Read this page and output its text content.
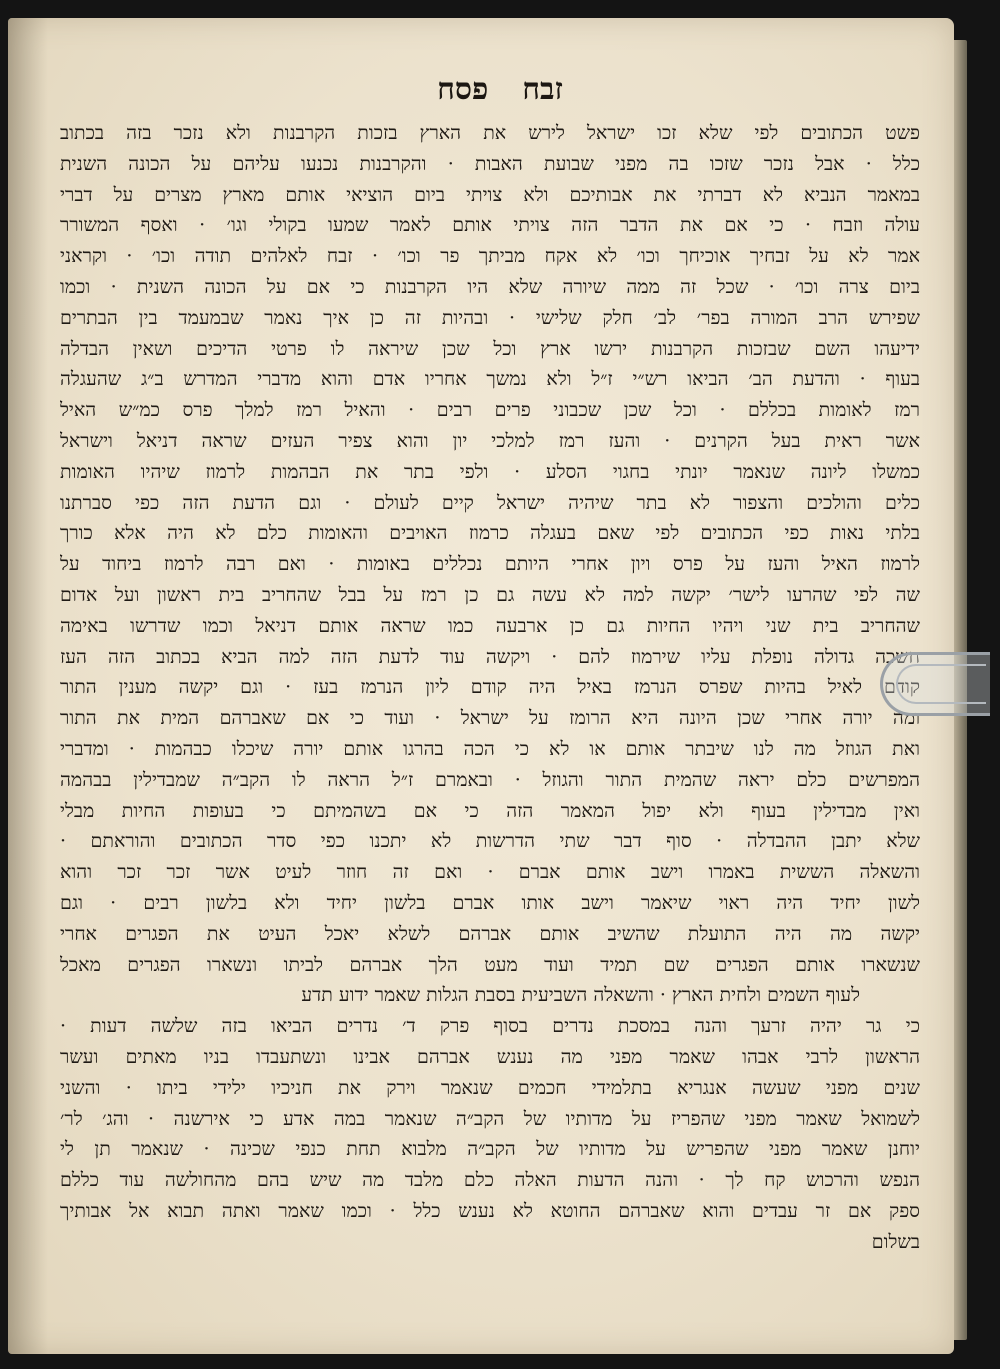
זבח
פסח
פשט הכתובים לפי שלא זכו ישראל לירש את הארץ בזכות הקרבנות ולא נזכר בזה בכתוב
כלל · אבל נזכר שזכו בה מפני שבועת האבות · והקרבנות נכנעו עליהם על הכונה השנית
במאמר הנביא לא דברתי את אבותיכם ולא צויתי ביום הוציאי אותם מארץ מצרים על דברי
עולה וזבח · כי אם את הדבר הזה צויתי אותם לאמר שמעו בקולי וגו׳ · ואסף המשורר
אמר לא על זבחיך אוכיחך וכו׳ לא אקח מביתך פר וכו׳ · זבח לאלהים תודה וכו׳ · וקראני
ביום צרה וכו׳ · שכל זה ממה שיורה שלא היו הקרבנות כי אם על הכונה השנית · וכמו
שפירש הרב המורה בפר׳ לב׳ חלק שלישי · ובהיות זה כן איך נאמר שבמעמד בין הבתרים
ידיעהו השם שבזכות הקרבנות ירשו ארץ וכל שכן שיראה לו פרטי הדיכים ושאין הבדלה
בעוף · והדעת הב׳ הביאו רש״י ז״ל ולא נמשך אחריו אדם והוא מדברי המדרש ב״ג שהעגלה
רמז לאומות בכללם · וכל שכן שכבוני פרים רבים · והאיל רמז למלך פרס כמ״ש האיל
אשר ראית בעל הקרנים · והעז רמז למלכי יון והוא צפיר העזים שראה דניאל וישראל
כמשלו ליונה שנאמר יונתי בחגוי הסלע · ולפי בתר את הבהמות לרמוז שיהיו האומות
כלים והולכים והצפור לא בתר שיהיה ישראל קיים לעולם · וגם הדעת הזה כפי סברתנו
בלתי נאות כפי הכתובים לפי שאם בעגלה כרמוז האויבים והאומות כלם לא היה אלא כורך
לרמוז האיל והעז על פרס ויון אחרי היותם נכללים באומות · ואם רבה לרמוז ביחוד על
שה לפי שהרעו לישר׳ יקשה למה לא עשה גם כן רמז על בבל שהחריב בית ראשון ועל אדום
שהחריב בית שני ויהיו החיות גם כן ארבעה כמו שראה אותם דניאל וכמו שדרשו באימה
חשכה גדולה נופלת עליו שירמוז להם · ויקשה עוד לדעת הזה למה הביא בכתוב הזה העז
קודם לאיל בהיות שפרס הנרמז באיל היה קודם ליון הנרמז בעז · וגם יקשה מענין התור
ומה יורה אחרי שכן היונה היא הרומז על ישראל · ועוד כי אם שאברהם המית את התור
ואת הגוזל מה לנו שיבתר אותם או לא כי הכה בהרגו אותם יורה שיכלו כבהמות · ומדברי
המפרשים כלם יראה שהמית התור והגוזל · ובאמרם ז״ל הראה לו הקב״ה שמבדילין בבהמה
ואין מבדילין בעוף ולא יפול המאמר הזה כי אם בשהמיתם כי בעופות החיות מבלי
שלא יתבן ההבדלה · סוף דבר שתי הדרשות לא יתכנו כפי סדר הכתובים והוראתם ·
והשאלה הששית באמרו וישב אותם אברם · ואם זה חוזר לעיט אשר זכר זכר והוא
לשון יחיד היה ראוי שיאמר וישב אותו אברם בלשון יחיד ולא בלשון רבים · וגם
יקשה מה היה התועלת שהשיב אותם אברהם לשלא יאכל העיט את הפגרים אחרי
שנשארו אותם הפגרים שם תמיד ועוד מעט הלך אברהם לביתו ונשארו הפגרים מאכל
לעוף השמים ולחית הארץ · והשאלה השביעית בסבת הגלות שאמר ידוע תדע
כי גר יהיה זרעך והנה במסכת נדרים בסוף פרק ד׳ נדרים הביאו בזה שלשה דעות ·
הראשון לרבי אבהו שאמר מפני מה נענש אברהם אבינו ונשתעבדו בניו מאתים ועשר
שנים מפני שעשה אנגריא בתלמידי חכמים שנאמר וירק את חניכיו ילידי ביתו · והשני
לשמואל שאמר מפני שהפריז על מדותיו של הקב״ה שנאמר במה אדע כי אירשנה · והג׳ לר׳
יוחנן שאמר מפני שהפריש על מדותיו של הקב״ה מלבוא תחת כנפי שכינה · שנאמר תן לי
הנפש והרכוש קח לך · והנה הדעות האלה כלם מלבד מה שיש בהם מהחולשה עוד כללם
ספק אם זר עבדים והוא שאברהם החוטא לא נענש כלל · וכמו שאמר ואתה תבוא אל אבותיך
בשלום
